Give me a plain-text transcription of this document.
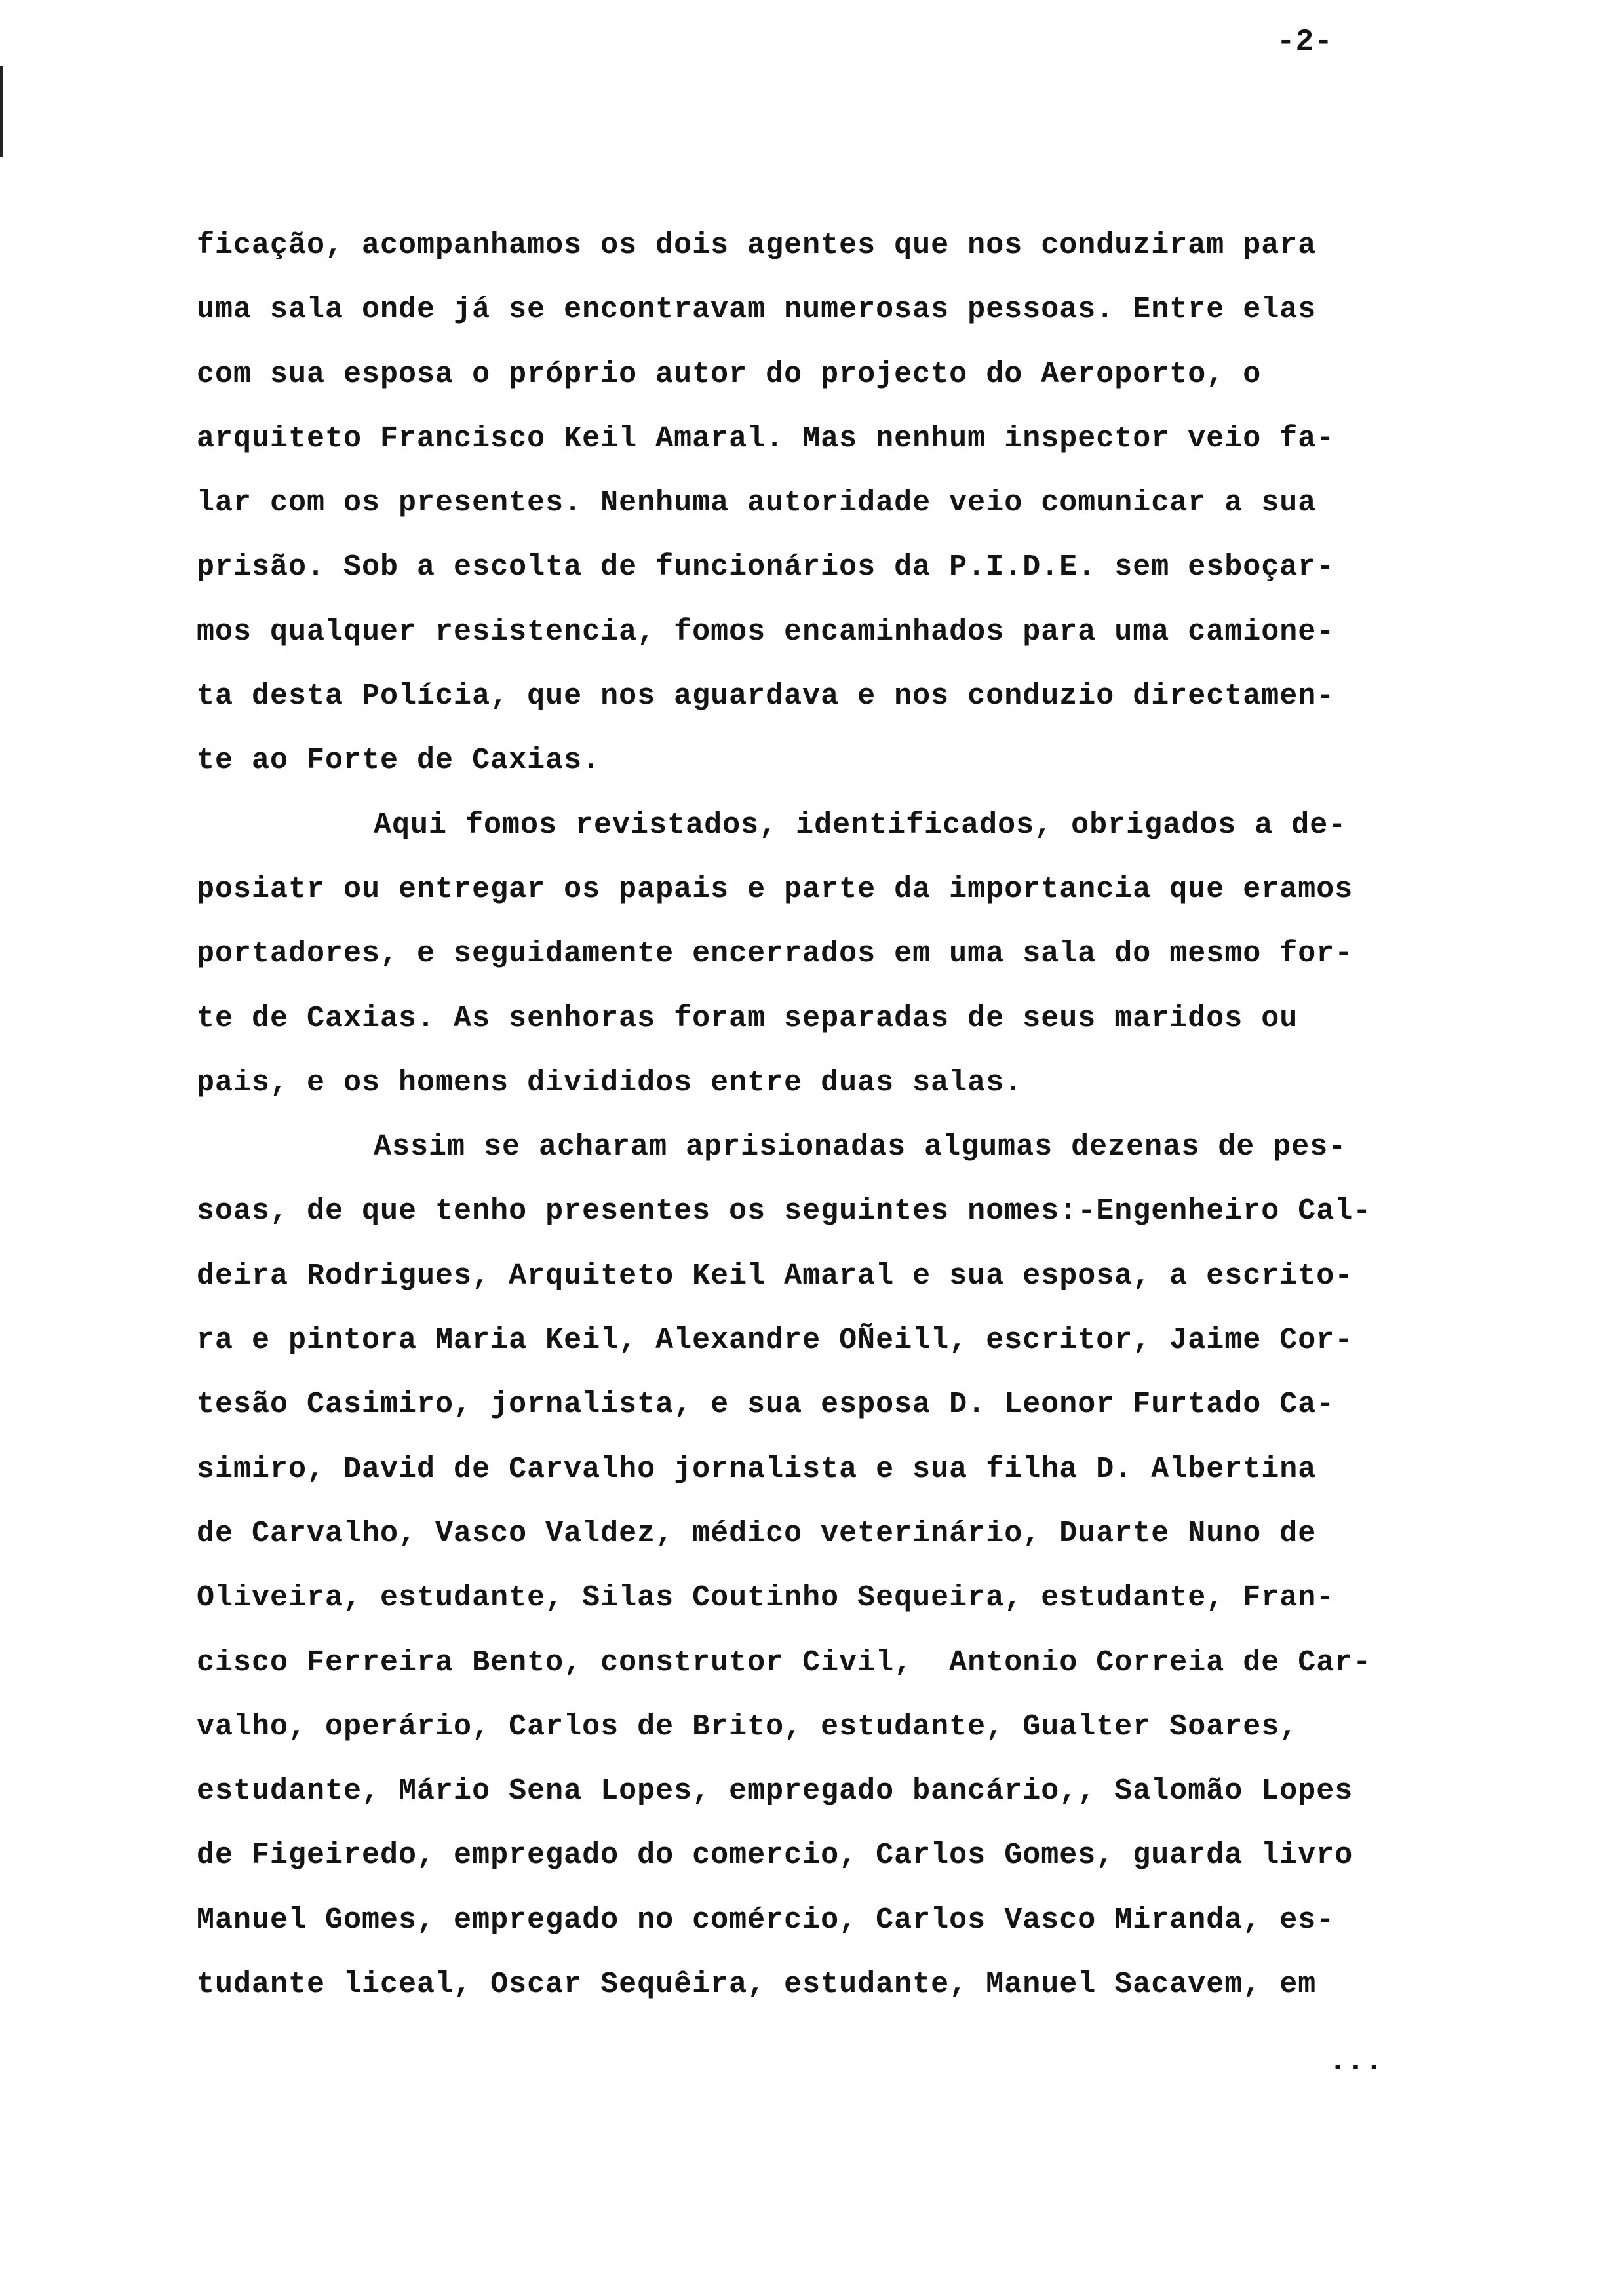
-2-
ficação, acompanhamos os dois agentes que nos conduziram para
uma sala onde já se encontravam numerosas pessoas. Entre elas
com sua esposa o próprio autor do projecto do Aeroporto, o
arquiteto Francisco Keil Amaral. Mas nenhum inspector veio fa-
lar com os presentes. Nenhuma autoridade veio comunicar a sua
prisão. Sob a escolta de funcionários da P.I.D.E. sem esboçar-
mos qualquer resistencia, fomos encaminhados para uma camione-
ta desta Polícia, que nos aguardava e nos conduzio directamen-
te ao Forte de Caxias.
Aqui fomos revistados, identificados, obrigados a de-
posiatr ou entregar os papais e parte da importancia que eramos
portadores, e seguidamente encerrados em uma sala do mesmo for-
te de Caxias. As senhoras foram separadas de seus maridos ou
pais, e os homens divididos entre duas salas.
Assim se acharam aprisionadas algumas dezenas de pes-
soas, de que tenho presentes os seguintes nomes:-Engenheiro Cal-
deira Rodrigues, Arquiteto Keil Amaral e sua esposa, a escrito-
ra e pintora Maria Keil, Alexandre OÑeill, escritor, Jaime Cor-
tesão Casimiro, jornalista, e sua esposa D. Leonor Furtado Ca-
simiro, David de Carvalho jornalista e sua filha D. Albertina
de Carvalho, Vasco Valdez, médico veterinário, Duarte Nuno de
Oliveira, estudante, Silas Coutinho Sequeira, estudante, Fran-
cisco Ferreira Bento, construtor Civil,  Antonio Correia de Car-
valho, operário, Carlos de Brito, estudante, Gualter Soares,
estudante, Mário Sena Lopes, empregado bancário,, Salomão Lopes
de Figeiredo, empregado do comercio, Carlos Gomes, guarda livro
Manuel Gomes, empregado no comércio, Carlos Vasco Miranda, es-
tudante liceal, Oscar Sequêira, estudante, Manuel Sacavem, em
...
